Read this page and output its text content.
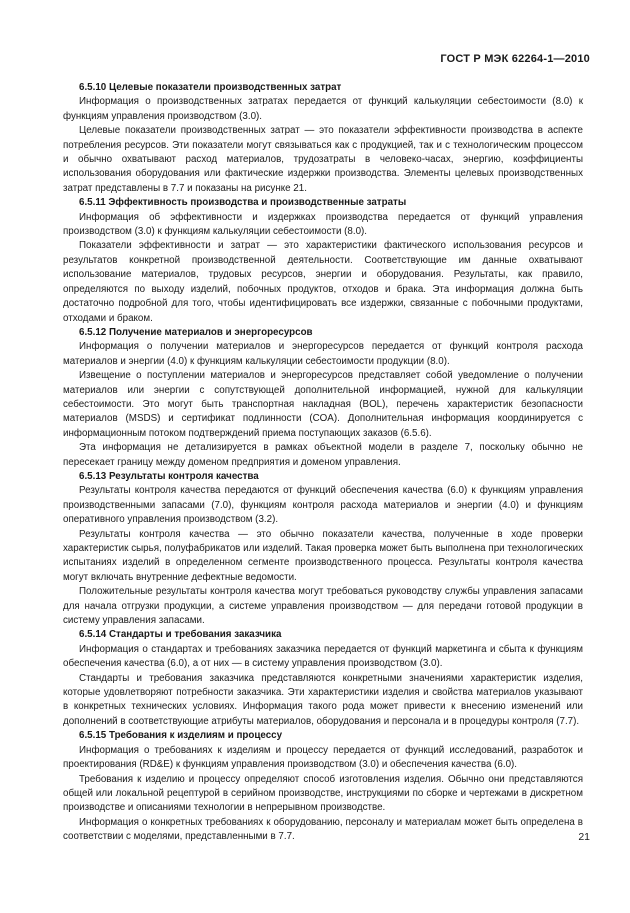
ГОСТ Р МЭК 62264-1—2010

6.5.10 Целевые показатели производственных затрат

Информация о производственных затратах передается от функций калькуляции себестоимости (8.0) к функциям управления производством (3.0).

Целевые показатели производственных затрат — это показатели эффективности производства в аспекте потребления ресурсов. Эти показатели могут связываться как с продукцией, так и с технологическим процессом и обычно охватывают расход материалов, трудозатраты в человеко-часах, энергию, коэффициенты использования оборудования или фактические издержки производства. Элементы целевых производственных затрат представлены в 7.7 и показаны на рисунке 21.

6.5.11 Эффективность производства и производственные затраты

Информация об эффективности и издержках производства передается от функций управления производством (3.0) к функциям калькуляции себестоимости (8.0).

Показатели эффективности и затрат — это характеристики фактического использования ресурсов и результатов конкретной производственной деятельности. Соответствующие им данные охватывают использование материалов, трудовых ресурсов, энергии и оборудования. Результаты, как правило, определяются по выходу изделий, побочных продуктов, отходов и брака. Эта информация должна быть достаточно подробной для того, чтобы идентифицировать все издержки, связанные с побочными продуктами, отходами и браком.

6.5.12 Получение материалов и энергоресурсов

Информация о получении материалов и энергоресурсов передается от функций контроля расхода материалов и энергии (4.0) к функциям калькуляции себестоимости продукции (8.0).

Извещение о поступлении материалов и энергоресурсов представляет собой уведомление о получении материалов или энергии с сопутствующей дополнительной информацией, нужной для калькуляции себестоимости. Это могут быть транспортная накладная (BOL), перечень характеристик безопасности материалов (MSDS) и сертификат подлинности (COA). Дополнительная информация координируется с информационным потоком подтверждений приема поступающих заказов (6.5.6).

Эта информация не детализируется в рамках объектной модели в разделе 7, поскольку обычно не пересекает границу между доменом предприятия и доменом управления.

6.5.13 Результаты контроля качества

Результаты контроля качества передаются от функций обеспечения качества (6.0) к функциям управления производственными запасами (7.0), функциям контроля расхода материалов и энергии (4.0) и функциям оперативного управления производством (3.2).

Результаты контроля качества — это обычно показатели качества, полученные в ходе проверки характеристик сырья, полуфабрикатов или изделий. Такая проверка может быть выполнена при технологических испытаниях изделий в определенном сегменте производственного процесса. Результаты контроля качества могут включать внутренние дефектные ведомости.

Положительные результаты контроля качества могут требоваться руководству службы управления запасами для начала отгрузки продукции, а системе управления производством — для передачи готовой продукции в систему управления запасами.

6.5.14 Стандарты и требования заказчика

Информация о стандартах и требованиях заказчика передается от функций маркетинга и сбыта к функциям обеспечения качества (6.0), а от них — в систему управления производством (3.0).

Стандарты и требования заказчика представляются конкретными значениями характеристик изделия, которые удовлетворяют потребности заказчика. Эти характеристики изделия и свойства материалов указывают в конкретных технических условиях. Информация такого рода может привести к внесению изменений или дополнений в соответствующие атрибуты материалов, оборудования и персонала и в процедуры контроля (7.7).

6.5.15 Требования к изделиям и процессу

Информация о требованиях к изделиям и процессу передается от функций исследований, разработок и проектирования (RD&E) к функциям управления производством (3.0) и обеспечения качества (6.0).

Требования к изделию и процессу определяют способ изготовления изделия. Обычно они представляются общей или локальной рецептурой в серийном производстве, инструкциями по сборке и чертежами в дискретном производстве и описаниями технологии в непрерывном производстве.

Информация о конкретных требованиях к оборудованию, персоналу и материалам может быть определена в соответствии с моделями, представленными в 7.7.	21
